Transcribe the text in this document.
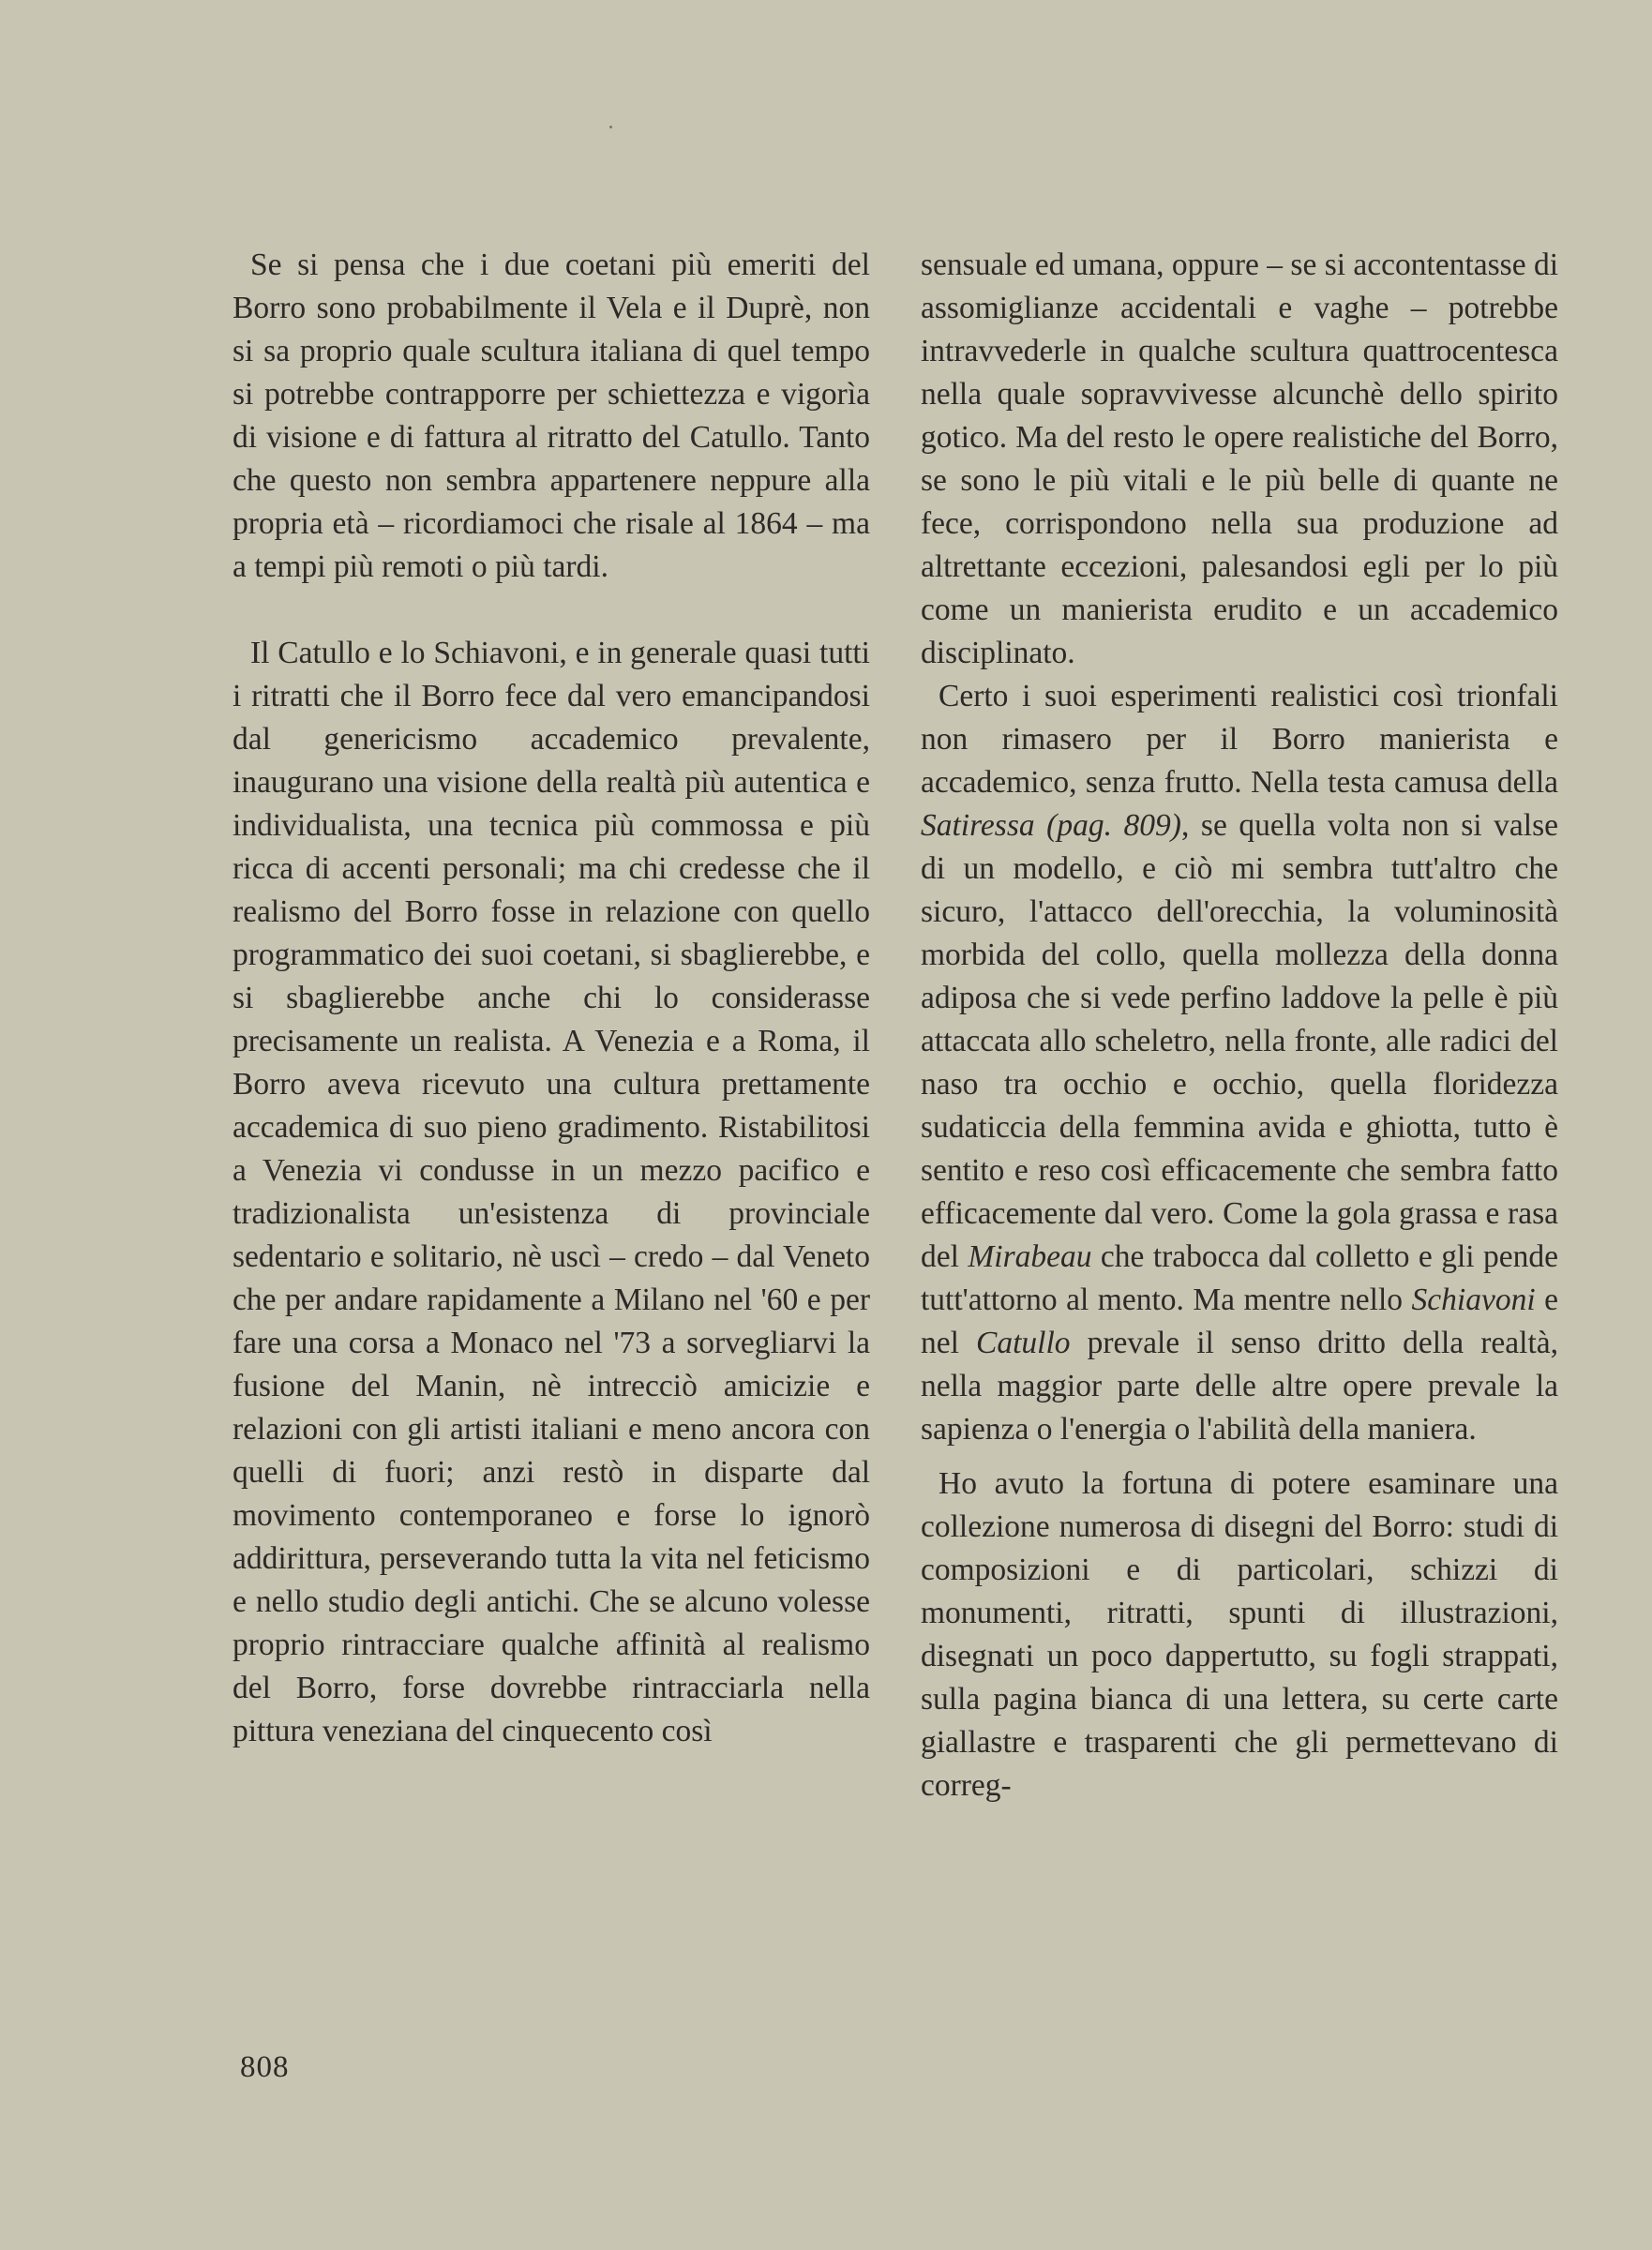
Se si pensa che i due coetani più emeriti del Borro sono probabilmente il Vela e il Duprè, non si sa proprio quale scultura italiana di quel tempo si potrebbe contrapporre per schiettezza e vigorìa di visione e di fattura al ritratto del Catullo. Tanto che questo non sembra appartenere neppure alla propria età – ricordiamoci che risale al 1864 – ma a tempi più remoti o più tardi.

Il Catullo e lo Schiavoni, e in generale quasi tutti i ritratti che il Borro fece dal vero emancipandosi dal genericismo accademico prevalente, inaugurano una visione della realtà più autentica e individualista, una tecnica più commossa e più ricca di accenti personali; ma chi credesse che il realismo del Borro fosse in relazione con quello programmatico dei suoi coetani, si sbaglierebbe, e si sbaglierebbe anche chi lo considerasse precisamente un realista. A Venezia e a Roma, il Borro aveva ricevuto una cultura prettamente accademica di suo pieno gradimento. Ristabilitosi a Venezia vi condusse in un mezzo pacifico e tradizionalista un'esistenza di provinciale sedentario e solitario, nè uscì – credo – dal Veneto che per andare rapidamente a Milano nel '60 e per fare una corsa a Monaco nel '73 a sorvegliarvi la fusione del Manin, nè intrecciò amicizie e relazioni con gli artisti italiani e meno ancora con quelli di fuori; anzi restò in disparte dal movimento contemporaneo e forse lo ignorò addirittura, perseverando tutta la vita nel feticismo e nello studio degli antichi. Che se alcuno volesse proprio rintracciare qualche affinità al realismo del Borro, forse dovrebbe rintracciarla nella pittura veneziana del cinquecento così

sensuale ed umana, oppure – se si accontentasse di assomiglianze accidentali e vaghe – potrebbe intravvederle in qualche scultura quattrocentesca nella quale sopravvivesse alcunchè dello spirito gotico. Ma del resto le opere realistiche del Borro, se sono le più vitali e le più belle di quante ne fece, corrispondono nella sua produzione ad altrettante eccezioni, palesandosi egli per lo più come un manierista erudito e un accademico disciplinato.

Certo i suoi esperimenti realistici così trionfali non rimasero per il Borro manierista e accademico, senza frutto. Nella testa camusa della Satiressa (pag. 809), se quella volta non si valse di un modello, e ciò mi sembra tutt'altro che sicuro, l'attacco dell'orecchia, la voluminosità morbida del collo, quella mollezza della donna adiposa che si vede perfino laddove la pelle è più attaccata allo scheletro, nella fronte, alle radici del naso tra occhio e occhio, quella floridezza sudaticcia della femmina avida e ghiotta, tutto è sentito e reso così efficacemente che sembra fatto efficacemente dal vero. Come la gola grassa e rasa del Mirabeau che trabocca dal colletto e gli pende tutt'attorno al mento. Ma mentre nello Schiavoni e nel Catullo prevale il senso dritto della realtà, nella maggior parte delle altre opere prevale la sapienza o l'energia o l'abilità della maniera.

Ho avuto la fortuna di potere esaminare una collezione numerosa di disegni del Borro: studi di composizioni e di particolari, schizzi di monumenti, ritratti, spunti di illustrazioni, disegnati un poco dappertutto, su fogli strappati, sulla pagina bianca di una lettera, su certe carte giallastre e trasparenti che gli permettevano di correg-

808
